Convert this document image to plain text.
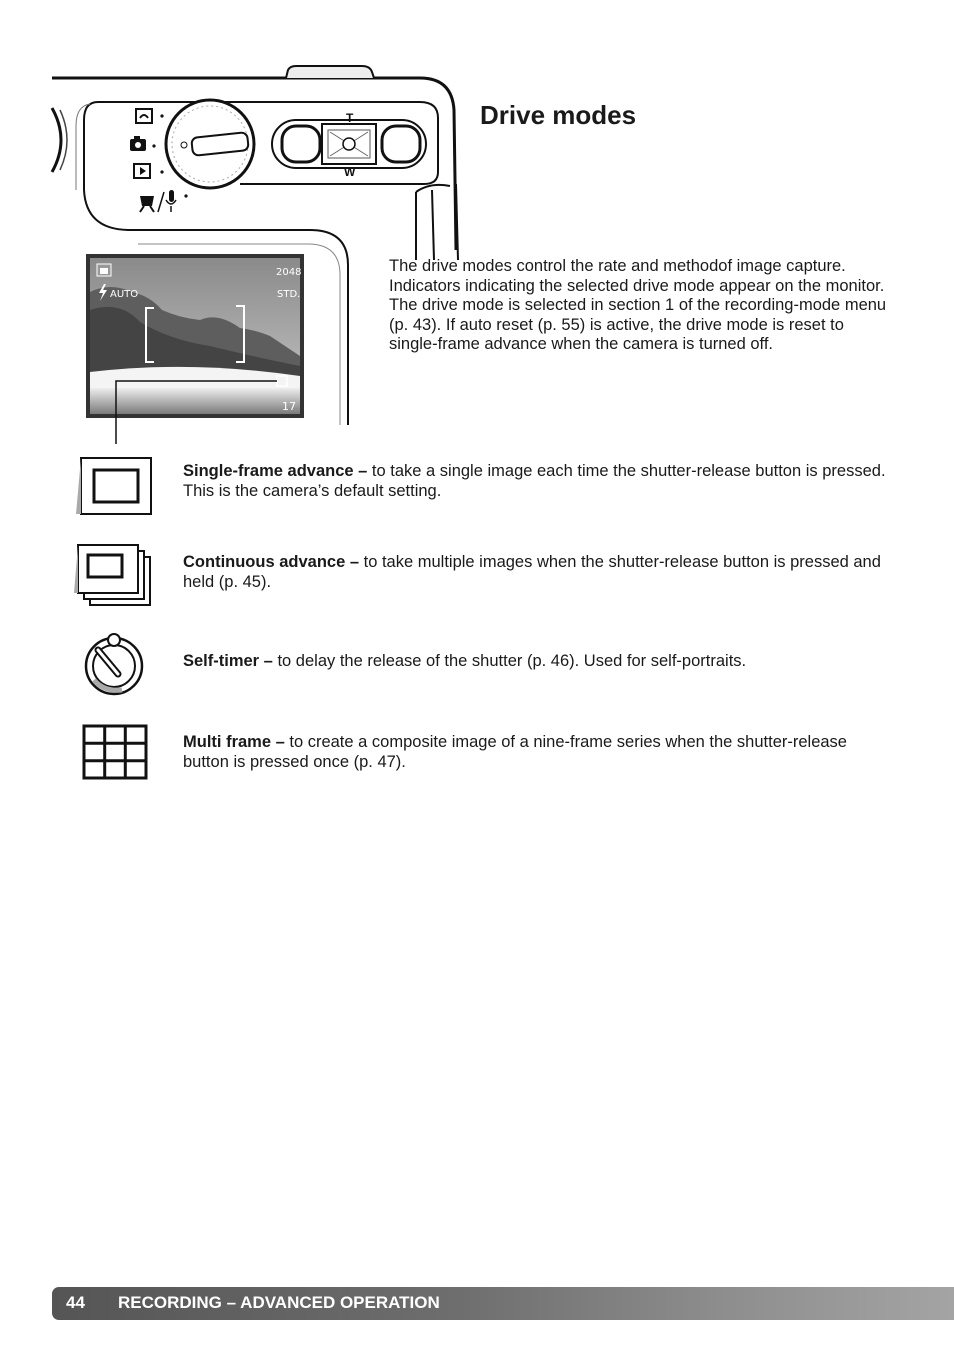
T
W
AUTO
2048
STD.
17
Drive modes

The drive modes control the rate and methodof image capture. Indicators indicating the selected drive mode appear on the monitor. The drive mode is selected in section 1 of the recording-mode menu (p. 43). If auto reset (p. 55) is active, the drive mode is reset to single-frame advance when the camera is turned off.

Single-frame advance – to take a single image each time the shutter-release button is pressed. This is the camera’s default setting.

Continuous advance – to take multiple images when the shutter-release button is pressed and held (p. 45).

Self-timer – to delay the release of the shutter (p. 46). Used for self-portraits.

Multi frame – to create a composite image of a nine-frame series when the shutter-release button is pressed once (p. 47).

44 RECORDING – ADVANCED OPERATION
